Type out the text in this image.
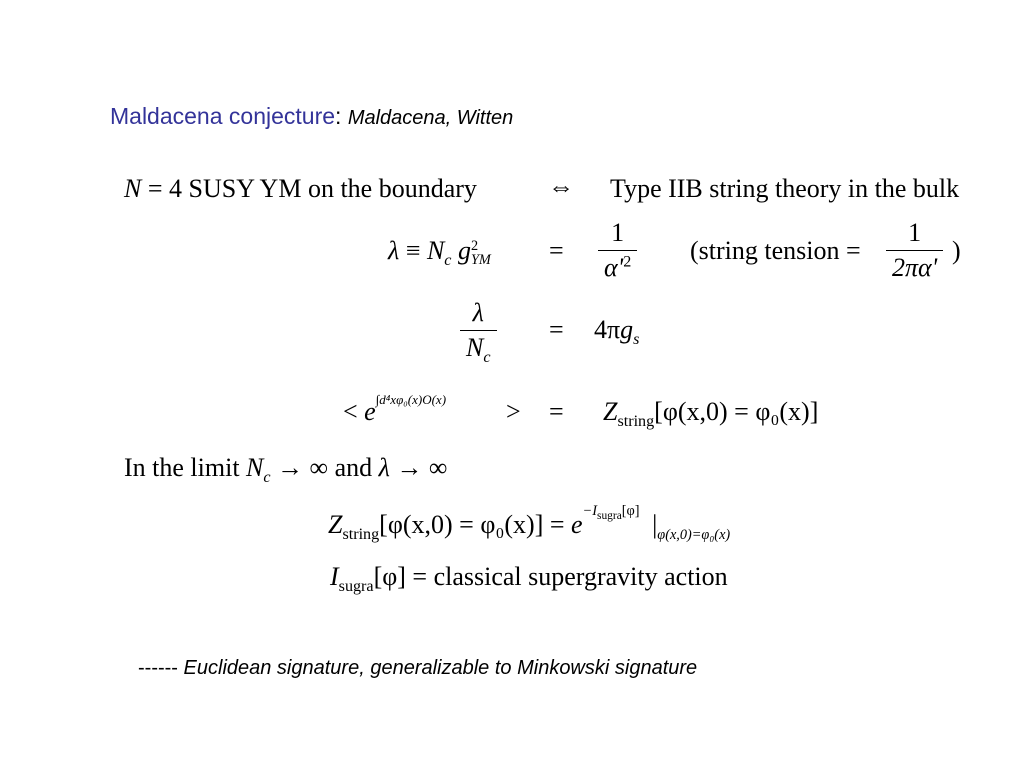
Maldacena conjecture: Maldacena, Witten
N = 4 SUSY YM on the boundary	⇔ Type IIB string theory in the bulk
$\lambda \equiv N_c$ g 2
YM = $\frac{1}{\alpha'^2}$ (string tension = $\frac{1}{2\pi\alpha'}$ )
$\frac{\lambda}{N_c} = 4\pi g_s$
< $e^{\int d^4x\varphi_0(x)O(x)}$ > = $Z_{string}[\varphi(x,0) = \varphi_0(x)]$
In the limit $N_c$ → ∞ and λ → ∞
$Z_{string}[\varphi(x,0) = \varphi_0(x)] = e^{-I_{sugra}[\varphi]}$ $|_{\varphi(x,0)=\varphi_0(x)}$
$I_{sugra}[\varphi]$ = classical supergravity action
------ Euclidean signature, generalizable to Minkowski signature
